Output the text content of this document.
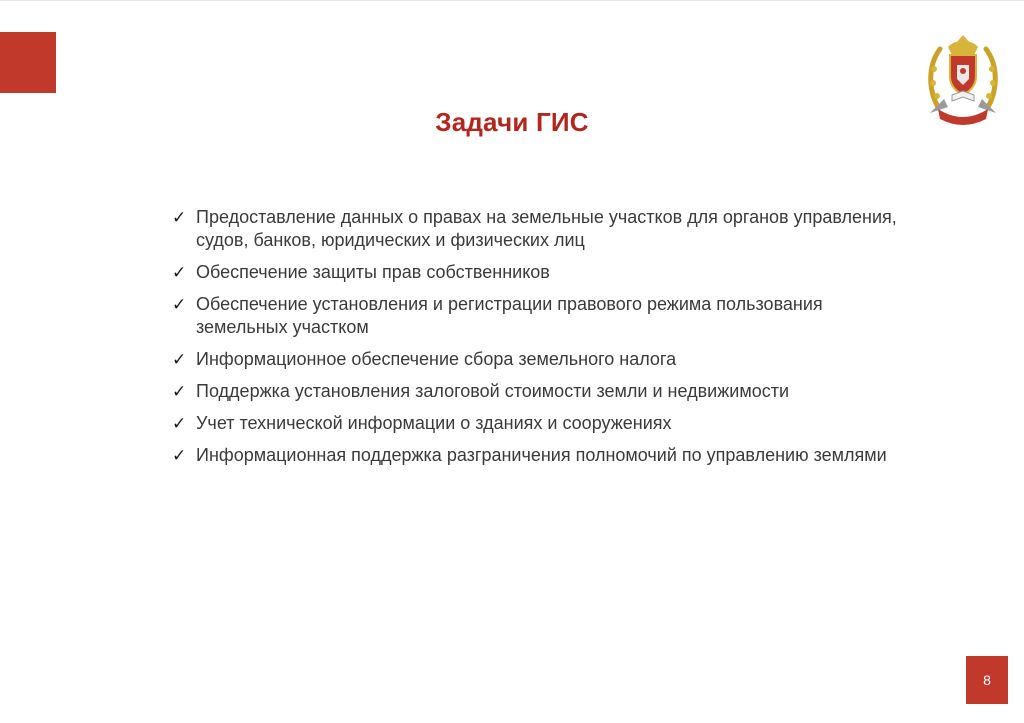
Задачи ГИС
✓ Предоставление данных о правах на земельные участков для органов управления, судов, банков, юридических и физических лиц
✓ Обеспечение защиты прав собственников
✓ Обеспечение установления и регистрации правового режима пользования земельных участком
✓ Информационное обеспечение сбора земельного налога
✓ Поддержка установления залоговой стоимости земли и недвижимости
✓ Учет технической информации о зданиях и сооружениях
✓ Информационная поддержка разграничения полномочий по управлению землями
8
